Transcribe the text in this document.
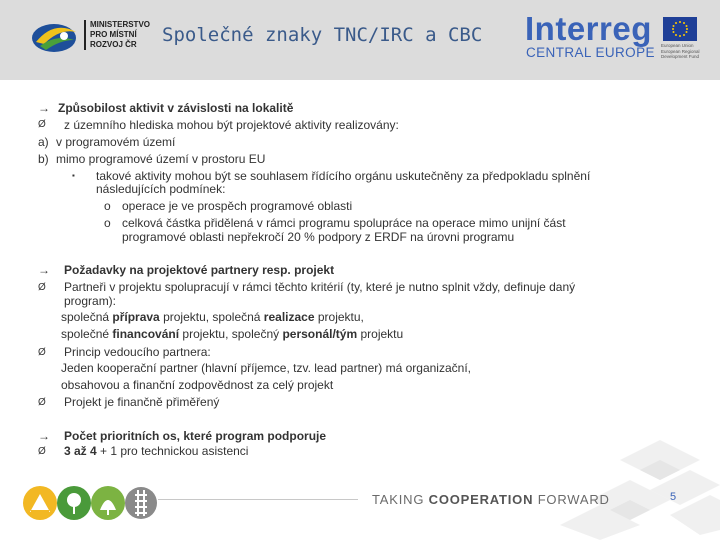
MINISTERSTVO
PRO MÍSTNÍ
ROZVOJ ČR	Společné znaky TNC/IRC a CBC Interreg
CENTRAL EUROPE European Union European Regional Development Fund
→ Způsobilost aktivit v závislosti na lokalitě
Ø z územního hlediska mohou být projektové aktivity realizovány:
a) v programovém území
b) mimo programové území v prostoru EU
▪ takové aktivity mohou být se souhlasem řídícího orgánu uskutečněny za předpokladu splnění
následujících podmínek:
o operace je ve prospěch programové oblasti
o celková částka přidělená v rámci programu spolupráce na operace mimo unijní část
programové oblasti nepřekročí 20 % podpory z ERDF na úrovni programu
→ Požadavky na projektové partnery resp. projekt
Ø Partneři v projektu spolupracují v rámci těchto kritérií (ty, které je nutno splnit vždy, definuje daný
program):
společná příprava projektu, společná realizace projektu,
společné financování projektu, společný personál/tým projektu
Ø Princip vedoucího partnera:
Jeden kooperační partner (hlavní příjemce, tzv. lead partner) má organizační,
obsahovou a finanční zodpovědnost za celý projekt
Ø Projekt je finančně přiměřený
→ Počet prioritních os, které program podporuje
Ø 3 až 4 + 1 pro technickou asistenci
TAKING COOPERATION FORWARD	5
